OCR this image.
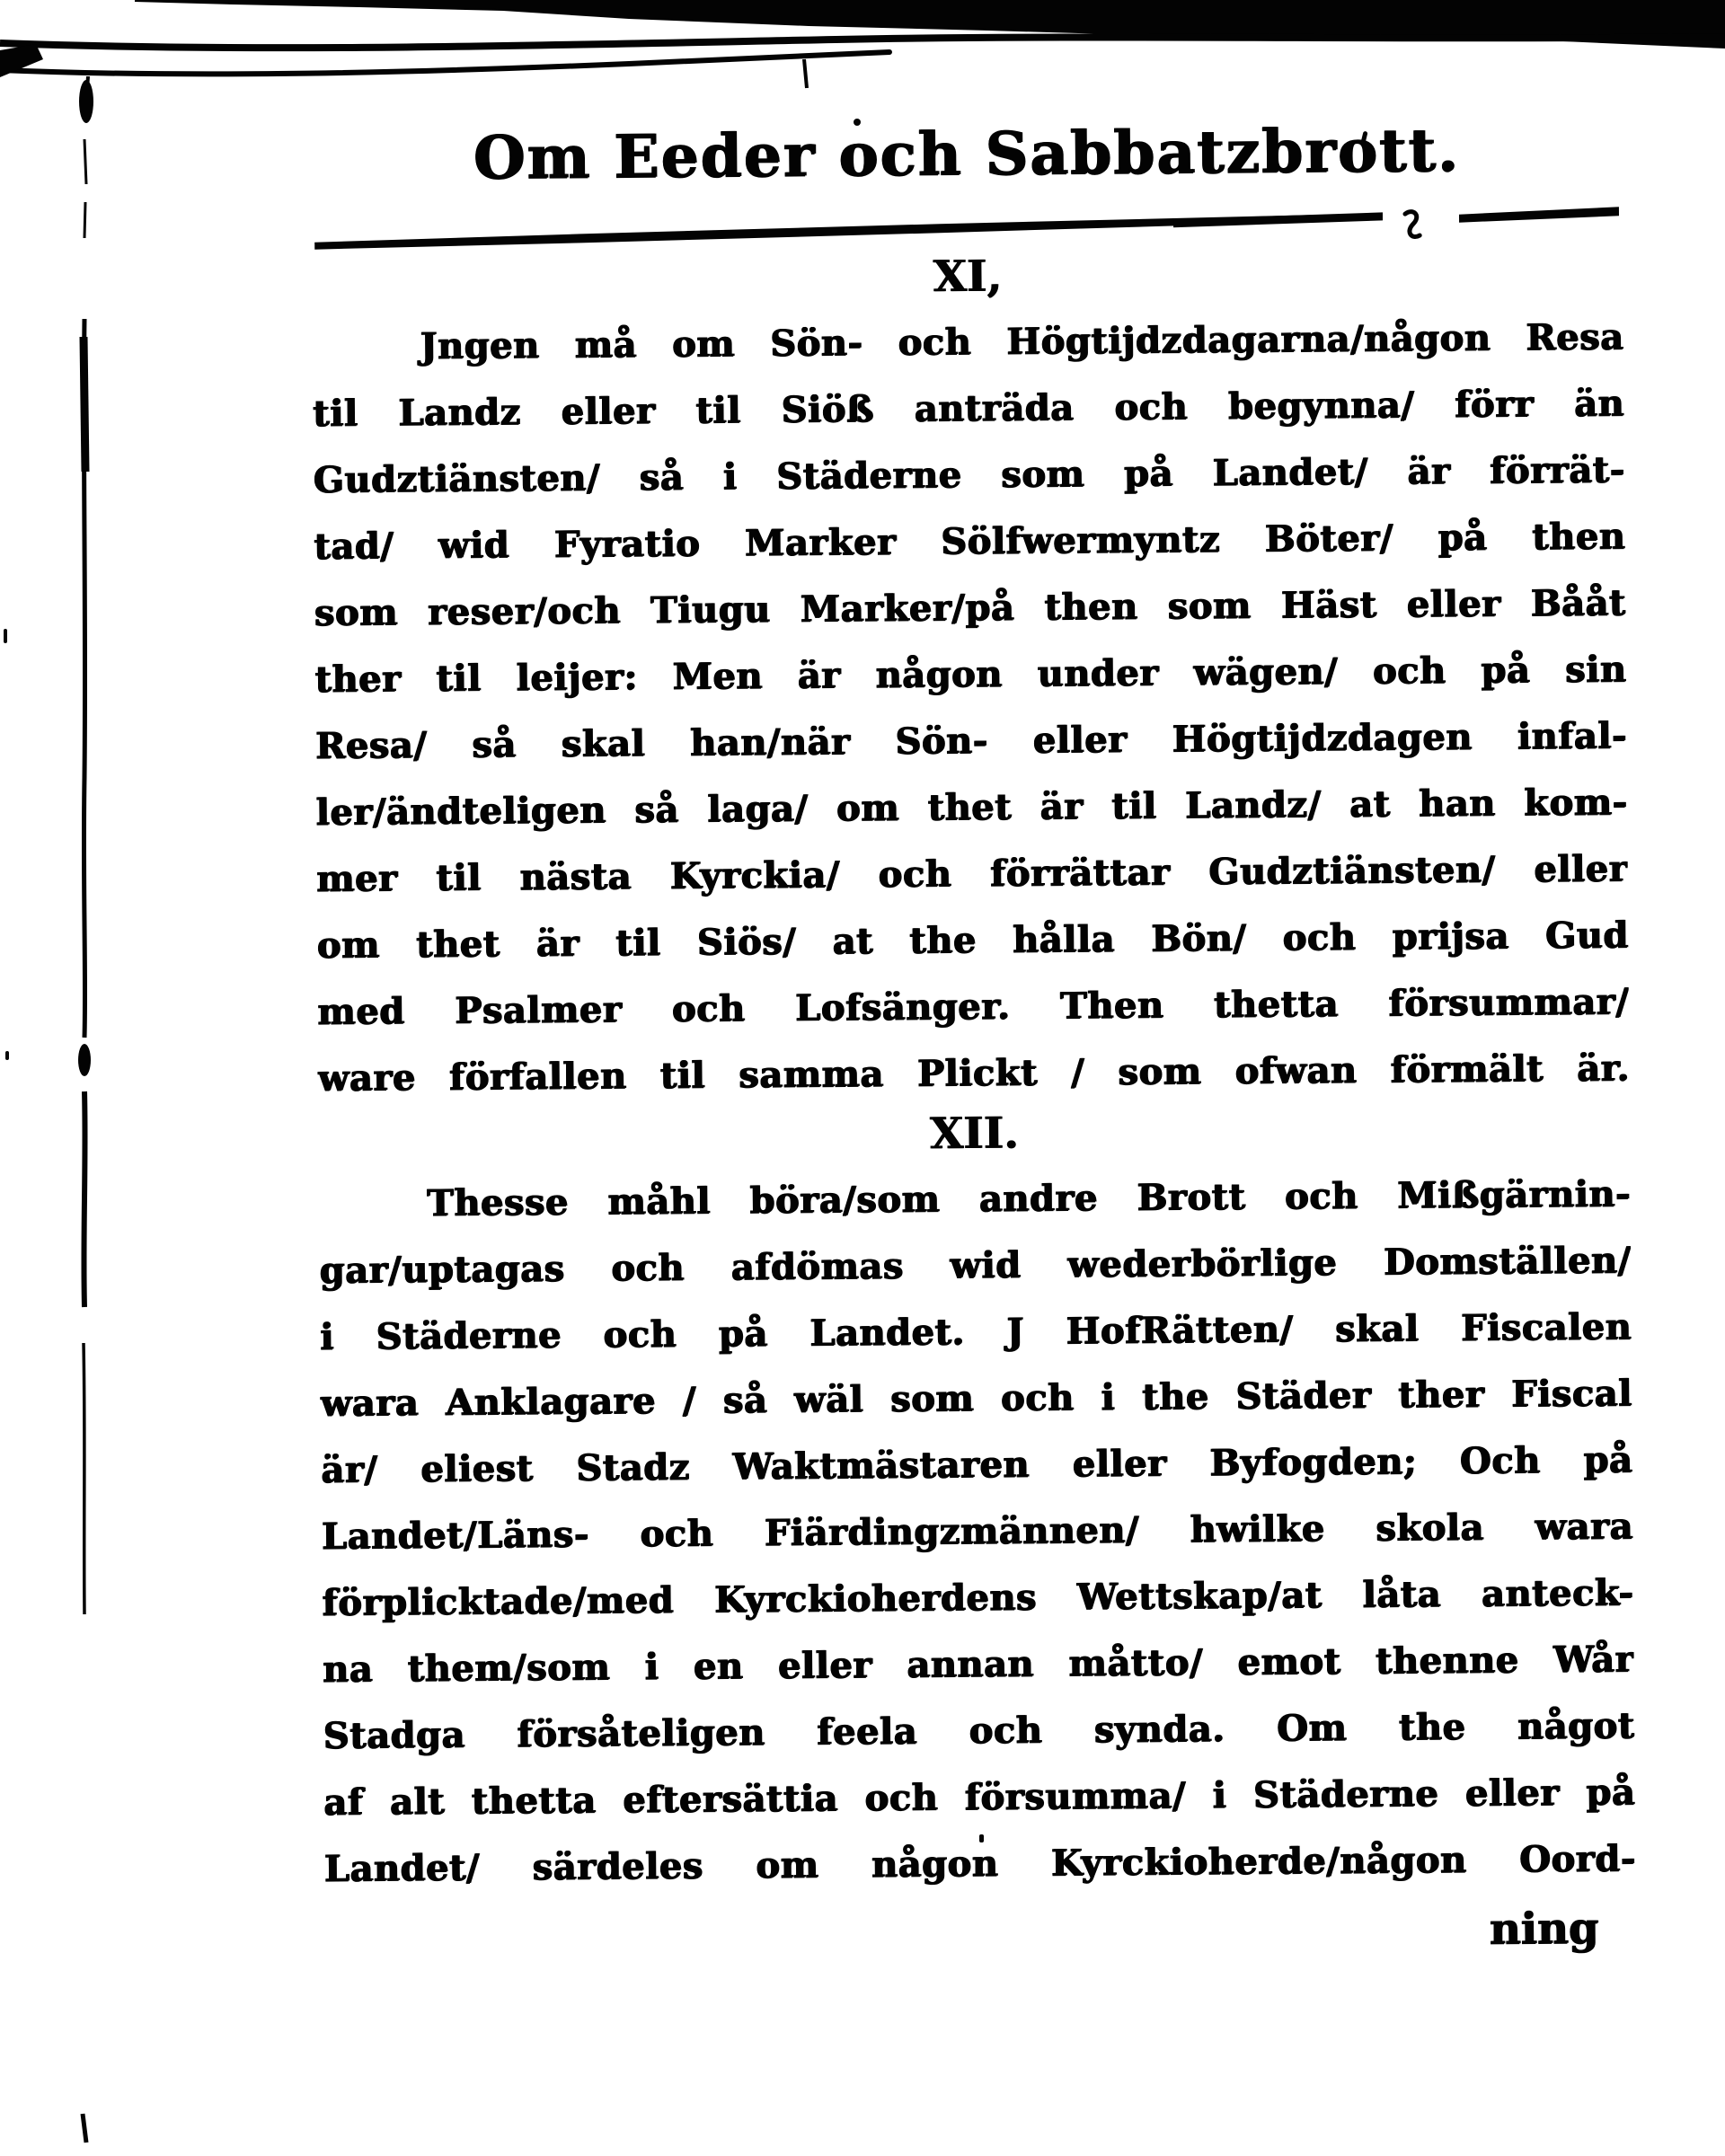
Om Eeder och Sabbatzbrott.

XI,

Jngen må om Sön- och Högtijdzdagarna/någon Resa

til Landz eller til Siöß anträda och begynna/ förr än

Gudztiänsten/ så i Städerne som på Landet/ är förrät-

tad/ wid Fyratio Marker Sölfwermyntz Böter/ på then

som reser/och Tiugu Marker/på then som Häst eller Bååt

ther til leijer: Men är någon under wägen/ och på sin

Resa/ så skal han/när Sön- eller Högtijdzdagen infal-

ler/ändteligen så laga/ om thet är til Landz/ at han kom-

mer til nästa Kyrckia/ och förrättar Gudztiänsten/ eller

om thet är til Siös/ at the hålla Bön/ och prijsa Gud

med Psalmer och Lofsänger. Then thetta försummar/

ware förfallen til samma Plickt / som ofwan förmält är.

XII.

Thesse måhl böra/som andre Brott och Mißgärnin-

gar/uptagas och afdömas wid wederbörlige Domställen/

i Städerne och på Landet. J HofRätten/ skal Fiscalen

wara Anklagare / så wäl som och i the Städer ther Fiscal

är/ eliest Stadz Waktmästaren eller Byfogden; Och på

Landet/Läns- och Fiärdingzmännen/ hwilke skola wara

förplicktade/med Kyrckioherdens Wettskap/at låta anteck-

na them/som i en eller annan måtto/ emot thenne Wår

Stadga försåteligen feela och synda. Om the något

af alt thetta eftersättia och försumma/ i Städerne eller på

Landet/ särdeles om någon Kyrckioherde/någon Oord-

ning
